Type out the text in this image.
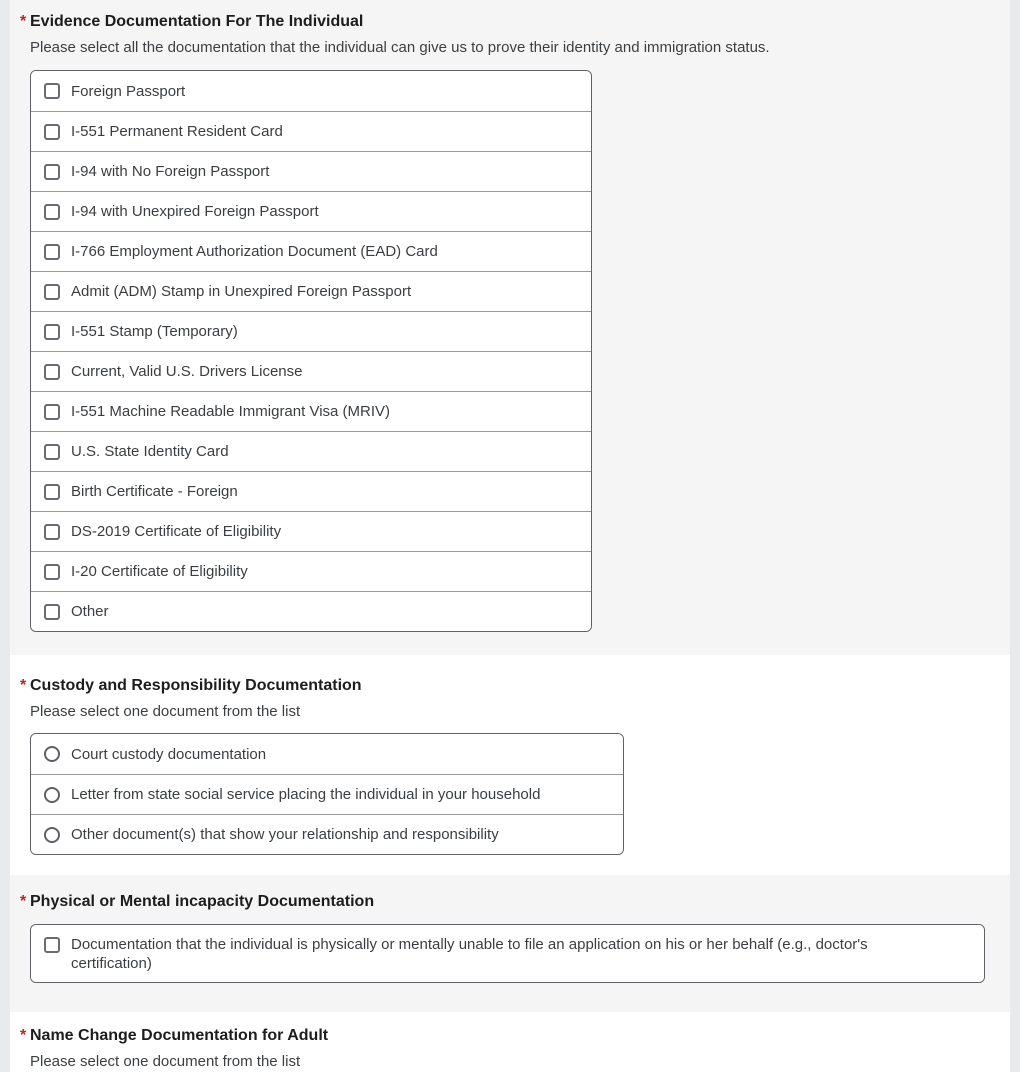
* Evidence Documentation For The Individual

Please select all the documentation that the individual can give us to prove their identity and immigration status.

Foreign Passport
I-551 Permanent Resident Card
I-94 with No Foreign Passport
I-94 with Unexpired Foreign Passport
I-766 Employment Authorization Document (EAD) Card
Admit (ADM) Stamp in Unexpired Foreign Passport
I-551 Stamp (Temporary)
Current, Valid U.S. Drivers License
I-551 Machine Readable Immigrant Visa (MRIV)
U.S. State Identity Card
Birth Certificate - Foreign
DS-2019 Certificate of Eligibility
I-20 Certificate of Eligibility
Other
* Custody and Responsibility Documentation

Please select one document from the list

Court custody documentation
Letter from state social service placing the individual in your household
Other document(s) that show your relationship and responsibility
* Physical or Mental incapacity Documentation
Documentation that the individual is physically or mentally unable to file an application on his or her behalf (e.g., doctor's certification)
* Name Change Documentation for Adult

Please select one document from the list
